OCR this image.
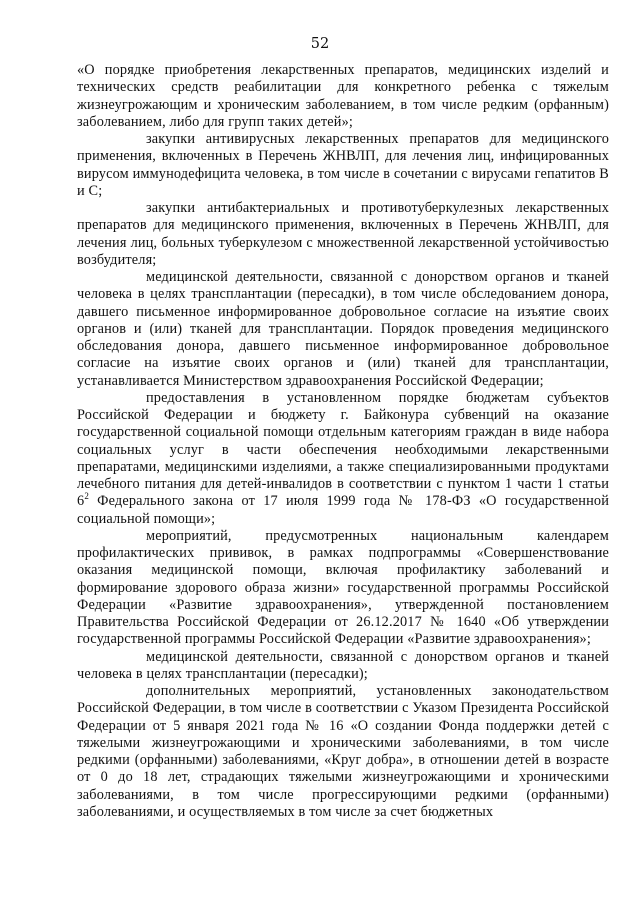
52

«О порядке приобретения лекарственных препаратов, медицинских изделий и технических средств реабилитации для конкретного ребенка с тяжелым жизнеугрожающим и хроническим заболеванием, в том числе редким (орфанным) заболеванием, либо для групп таких детей»;

закупки антивирусных лекарственных препаратов для медицинского применения, включенных в Перечень ЖНВЛП, для лечения лиц, инфицированных вирусом иммунодефицита человека, в том числе в сочетании с вирусами гепатитов В и С;

закупки антибактериальных и противотуберкулезных лекарственных препаратов для медицинского применения, включенных в Перечень ЖНВЛП, для лечения лиц, больных туберкулезом с множественной лекарственной устойчивостью возбудителя;

медицинской деятельности, связанной с донорством органов и тканей человека в целях трансплантации (пересадки), в том числе обследованием донора, давшего письменное информированное добровольное согласие на изъятие своих органов и (или) тканей для трансплантации. Порядок проведения медицинского обследования донора, давшего письменное информированное добровольное согласие на изъятие своих органов и (или) тканей для трансплантации, устанавливается Министерством здравоохранения Российской Федерации;

предоставления в установленном порядке бюджетам субъектов Российской Федерации и бюджету г. Байконура субвенций на оказание государственной социальной помощи отдельным категориям граждан в виде набора социальных услуг в части обеспечения необходимыми лекарственными препаратами, медицинскими изделиями, а также специализированными продуктами лечебного питания для детей-инвалидов в соответствии с пунктом 1 части 1 статьи $6^2$ Федерального закона от 17 июля 1999 года № 178-ФЗ «О государственной социальной помощи»;

мероприятий, предусмотренных национальным календарем профилактических прививок, в рамках подпрограммы «Совершенствование оказания медицинской помощи, включая профилактику заболеваний и формирование здорового образа жизни» государственной программы Российской Федерации «Развитие здравоохранения», утвержденной постановлением Правительства Российской Федерации от 26.12.2017 № 1640 «Об утверждении государственной программы Российской Федерации «Развитие здравоохранения»;

медицинской деятельности, связанной с донорством органов и тканей человека в целях трансплантации (пересадки);

дополнительных мероприятий, установленных законодательством Российской Федерации, в том числе в соответствии с Указом Президента Российской Федерации от 5 января 2021 года № 16 «О создании Фонда поддержки детей с тяжелыми жизнеугрожающими и хроническими заболеваниями, в том числе редкими (орфанными) заболеваниями, «Круг добра», в отношении детей в возрасте от 0 до 18 лет, страдающих тяжелыми жизнеугрожающими и хроническими заболеваниями, в том числе прогрессирующими редкими (орфанными) заболеваниями, и осуществляемых в том числе за счет бюджетных
